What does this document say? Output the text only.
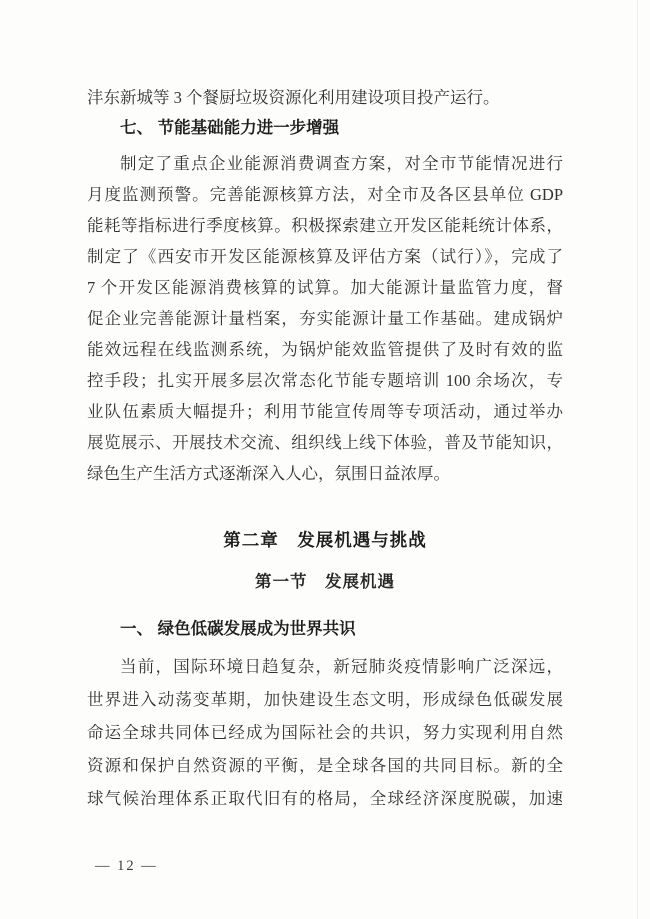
沣东新城等 3 个餐厨垃圾资源化利用建设项目投产运行。
七、 节能基础能力进一步增强
制定了重点企业能源消费调查方案，对全市节能情况进行
月度监测预警。完善能源核算方法，对全市及各区县单位 GDP
能耗等指标进行季度核算。积极探索建立开发区能耗统计体系，
制定了《西安市开发区能源核算及评估方案（试行）》，完成了
7 个开发区能源消费核算的试算。加大能源计量监管力度，督
促企业完善能源计量档案，夯实能源计量工作基础。建成锅炉
能效远程在线监测系统，为锅炉能效监管提供了及时有效的监
控手段；扎实开展多层次常态化节能专题培训 100 余场次，专
业队伍素质大幅提升；利用节能宣传周等专项活动，通过举办
展览展示、开展技术交流、组织线上线下体验，普及节能知识，
绿色生产生活方式逐渐深入人心，氛围日益浓厚。
第二章　发展机遇与挑战
第一节　发展机遇
一、 绿色低碳发展成为世界共识
当前，国际环境日趋复杂，新冠肺炎疫情影响广泛深远，
世界进入动荡变革期，加快建设生态文明，形成绿色低碳发展
命运全球共同体已经成为国际社会的共识，努力实现利用自然
资源和保护自然资源的平衡，是全球各国的共同目标。新的全
球气候治理体系正取代旧有的格局，全球经济深度脱碳，加速
— 12 —
